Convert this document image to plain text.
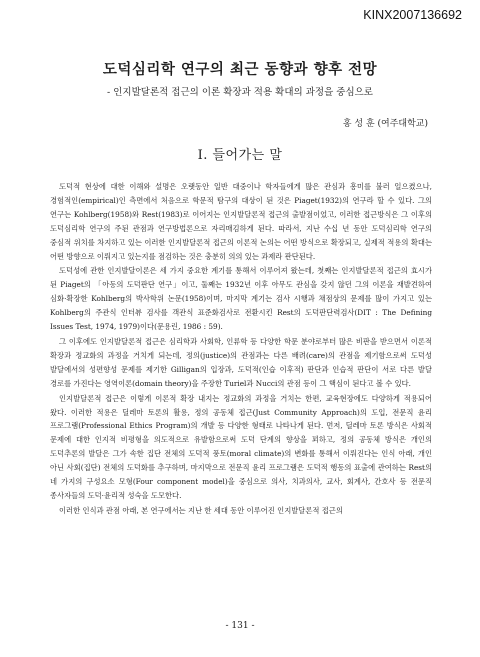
KINX2007136692
도덕심리학 연구의 최근 동향과 향후 전망
- 인지발달론적 접근의 이론 확장과 적용 확대의 과정을 중심으로
홍 성 훈 (여주대학교)
Ⅰ. 들어가는 말

도덕적 현상에 대한 이해와 설명은 오랫동안 일반 대중이나 학자들에게 많은 관심과 흥미를 불러 일으켰으나, 경험적인(empirical)인 측면에서 처음으로 학문적 탐구의 대상이 된 것은 Piaget(1932)의 연구라 할 수 있다. 그의 연구는 Kohlberg(1958)와 Rest(1983)로 이어지는 인지발달론적 접근의 출발점이었고, 이러한 접근방식은 그 이후의 도덕심리학 연구의 주된 관점과 연구방법론으로 자리매김하게 된다. 따라서, 지난 수십 년 동안 도덕심리학 연구의 중심적 위치를 차지하고 있는 이러한 인지발달론적 접근의 이론적 논의는 어떤 방식으로 확장되고, 실제적 적용의 확대는 어떤 방향으로 이뤄지고 있는지를 점검하는 것은 충분히 의의 있는 과제라 판단된다.

도덕성에 관한 인지발달이론은 세 가지 중요한 계기를 통해서 이루어져 왔는데, 첫째는 인지발달론적 접근의 효시가 된 Piaget의 「아동의 도덕판단 연구」이고, 둘째는 1932년 이후 아무도 관심을 갖지 않던 그의 이론을 재발견하여 심화·확장한 Kohlberg의 박사학위 논문(1958)이며, 마지막 계기는 검사 시행과 채점상의 문제를 많이 가지고 있는 Kohlberg의 주관식 인터뷰 검사를 객관식 표준화검사로 전환시킨 Rest의 도덕판단력검사(DIT : The Defining Issues Test, 1974, 1979)이다(문용린, 1986 : 59).

그 이후에도 인지발달론적 접근은 심리학과 사회학, 인류학 등 다양한 학문 분야로부터 많은 비판을 받으면서 이론적 확장과 정교화의 과정을 거치게 되는데, 정의(justice)의 관점과는 다른 배려(care)의 관점을 제기함으로써 도덕성 발달에서의 성편향성 문제를 제기한 Gilligan의 입장과, 도덕적(인습 이후적) 판단과 인습적 판단이 서로 다른 발달 경로를 가진다는 영역이론(domain theory)을 주장한 Turiel과 Nucci의 관점 등이 그 핵심이 된다고 볼 수 있다.

인지발달론적 접근은 이렇게 이론적 확장 내지는 정교화의 과정을 거치는 한편, 교육현장에도 다양하게 적용되어 왔다. 이러한 적용은 딜레마 토론의 활용, 정의 공동체 접근(Just Community Approach)의 도입, 전문직 윤리 프로그램(Professional Ethics Program)의 개발 등 다양한 형태로 나타나게 된다. 먼저, 딜레마 토론 방식은 사회적 문제에 대한 인지적 비평형을 의도적으로 유발함으로써 도덕 단계의 향상을 꾀하고, 정의 공동체 방식은 개인의 도덕추론의 발달은 그가 속한 집단 전체의 도덕적 풍토(moral climate)의 변화를 통해서 이뤄진다는 인식 아래, 개인 아닌 사회(집단) 전체의 도덕화를 추구하며, 마지막으로 전문직 윤리 프로그램은 도덕적 행동의 표출에 관여하는 Rest의 네 가지의 구성요소 모형(Four component model)을 중심으로 의사, 치과의사, 교사, 회계사, 간호사 등 전문직 종사자들의 도덕·윤리적 성숙을 도모한다.

이러한 인식과 관점 아래, 본 연구에서는 지난 한 세대 동안 이루어진 인지발달론적 접근의

- 131 -
